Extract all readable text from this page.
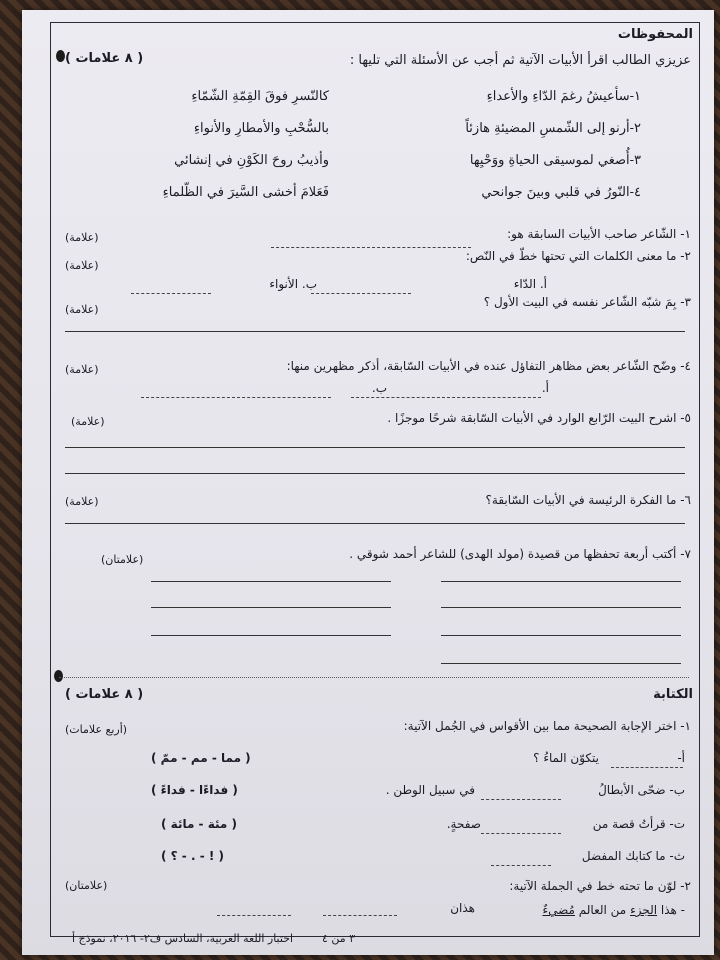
المحفوظات
( ٨ علامات )	عزيزي الطالب اقرأ الأبيات الآتية ثم أجب عن الأسئلة التي تليها :
١-سأعيشُ رغمَ الدّاءِ والأعداءِ
كالنّسرِ فوقَ القِمّةِ الشّمّاءِ
٢-أرنو إلى الشّمسِ المضيئةِ هازئاً
بالسُّحْبِ والأمطارِ والأنواءِ
٣-أُصغي لموسيقى الحياةِ ووَحْيِها
وأذيبُ روحَ الكَوْنِ في إنشائي
٤-النّورُ في قلبي وبينَ جوانحي
فَعَلامَ أخشى السَّيرَ في الظّلماءِ
١- الشّاعر صاحب الأبيات السابقة هو:
(علامة)
٢- ما معنى الكلمات التي تحتها خطّ في النّص:
(علامة)
أ. الدّاء
ب. الأنواء
٣- بِمَ شبّه الشّاعر نفسه في البيت الأول ؟
(علامة)
٤- وضّح الشّاعر بعض مظاهر التفاؤل عنده في الأبيات السّابقة، أذكر مظهرين منها:
(علامة)
أ.
ب.
٥- اشرح البيت الرّابع الوارد في الأبيات السّابقة شرحًا موجزًا .
(علامة)
٦- ما الفكرة الرئيسة في الأبيات السّابقة؟
(علامة)
٧- أكتب أربعة تحفظها من قصيدة (مولد الهدى) للشاعر أحمد شوقي .
(علامتان)
الكتابة
( ٨ علامات )
١- اختر الإجابة الصحيحة مما بين الأقواس في الجُمل الآتية:
(أربع علامات)
أ-
يتكوّن الماءُ ؟
( مما - مم - ممّ )
ب- ضحّى الأبطالُ
في سبيل الوطن .
( فداءًا - فداءً )
ت- قرأتُ قصة من
صفحةٍ.
( مئة - مائة )
ث- ما كتابك المفضل
( ! - . - ؟ )
٢- لوّن ما تحته خط في الجملة الآتية:
(علامتان)
- هذا الجزء من العالم مُضيءٌ
هذان
٣ من ٤
اختبار اللغة العربية، السادس ف٢- ٢٠١٦، نموذج أ
